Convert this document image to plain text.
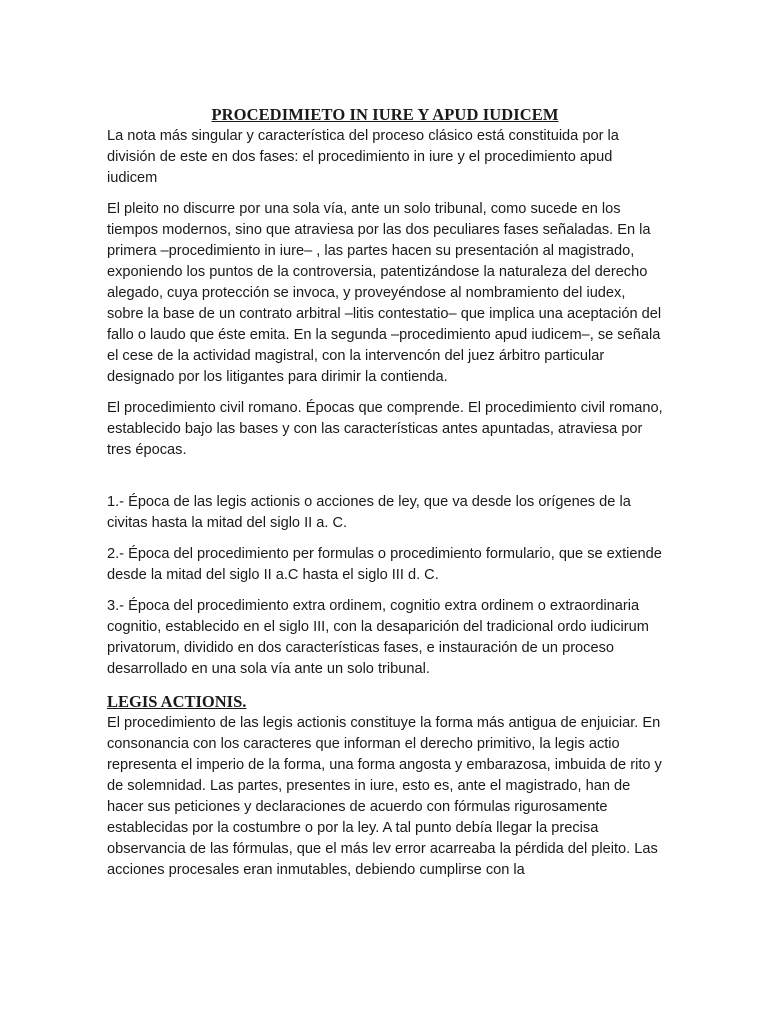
PROCEDIMIETO IN IURE Y APUD IUDICEM

La nota más singular y característica del proceso clásico está constituida por la división de este en dos fases: el procedimiento in iure y el procedimiento apud iudicem

El pleito no discurre por una sola vía, ante un solo tribunal, como sucede en los tiempos modernos, sino que atraviesa por las dos peculiares fases señaladas. En la primera –procedimiento in iure– , las partes hacen su presentación al magistrado, exponiendo los puntos de la controversia, patentizándose la naturaleza del derecho alegado, cuya protección se invoca, y proveyéndose al nombramiento del iudex, sobre la base de un contrato arbitral –litis contestatio– que implica una aceptación del fallo o laudo que éste emita. En la segunda –procedimiento apud iudicem–, se señala el cese de la actividad magistral, con la intervencón del juez árbitro particular designado por los litigantes para dirimir la contienda.

El procedimiento civil romano. Épocas que comprende. El procedimiento civil romano, establecido bajo las bases y con las características antes apuntadas, atraviesa por tres épocas.

1.- Época de las legis actionis o acciones de ley, que va desde los orígenes de la civitas hasta la mitad del siglo II a. C.

2.- Época del procedimiento per formulas o procedimiento formulario, que se extiende desde la mitad del siglo II a.C hasta el siglo III d. C.

3.- Época del procedimiento extra ordinem, cognitio extra ordinem o extraordinaria cognitio, establecido en el siglo III, con la desaparición del tradicional ordo iudicirum privatorum, dividido en dos características fases, e instauración de un proceso desarrollado en una sola vía ante un solo tribunal.

LEGIS ACTIONIS.

El procedimiento de las legis actionis constituye la forma más antigua de enjuiciar. En consonancia con los caracteres que informan el derecho primitivo, la legis actio representa el imperio de la forma, una forma angosta y embarazosa, imbuida de rito y de solemnidad. Las partes, presentes in iure, esto es, ante el magistrado, han de hacer sus peticiones y declaraciones de acuerdo con fórmulas rigurosamente establecidas por la costumbre o por la ley. A tal punto debía llegar la precisa observancia de las fórmulas, que el más lev error acarreaba la pérdida del pleito. Las acciones procesales eran inmutables, debiendo cumplirse con la
